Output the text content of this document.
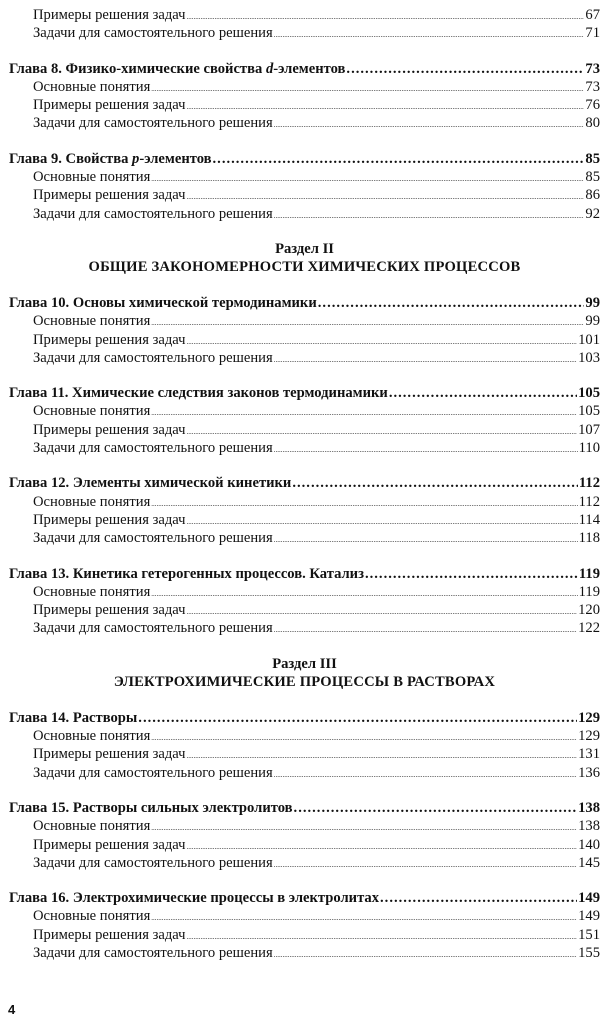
Примеры решения задач .....	67
Задачи для самостоятельного решения .....	71
Глава 8. Физико-химические свойства d-элементов .....	73
Основные понятия .....	73
Примеры решения задач .....	76
Задачи для самостоятельного решения .....	80
Глава 9. Свойства p-элементов .....	85
Основные понятия .....	85
Примеры решения задач .....	86
Задачи для самостоятельного решения .....	92
Раздел II
ОБЩИЕ ЗАКОНОМЕРНОСТИ ХИМИЧЕСКИХ ПРОЦЕССОВ
Глава 10. Основы химической термодинамики .....	99
Основные понятия .....	99
Примеры решения задач .....	101
Задачи для самостоятельного решения .....	103
Глава 11. Химические следствия законов термодинамики .....	105
Основные понятия .....	105
Примеры решения задач .....	107
Задачи для самостоятельного решения .....	110
Глава 12. Элементы химической кинетики .....	112
Основные понятия .....	112
Примеры решения задач .....	114
Задачи для самостоятельного решения .....	118
Глава 13. Кинетика гетерогенных процессов. Катализ .....	119
Основные понятия .....	119
Примеры решения задач .....	120
Задачи для самостоятельного решения .....	122
Раздел III
ЭЛЕКТРОХИМИЧЕСКИЕ ПРОЦЕССЫ В РАСТВОРАХ
Глава 14. Растворы .....	129
Основные понятия .....	129
Примеры решения задач .....	131
Задачи для самостоятельного решения .....	136
Глава 15. Растворы сильных электролитов .....	138
Основные понятия .....	138
Примеры решения задач .....	140
Задачи для самостоятельного решения .....	145
Глава 16. Электрохимические процессы в электролитах .....	149
Основные понятия .....	149
Примеры решения задач .....	151
Задачи для самостоятельного решения .....	155
4
